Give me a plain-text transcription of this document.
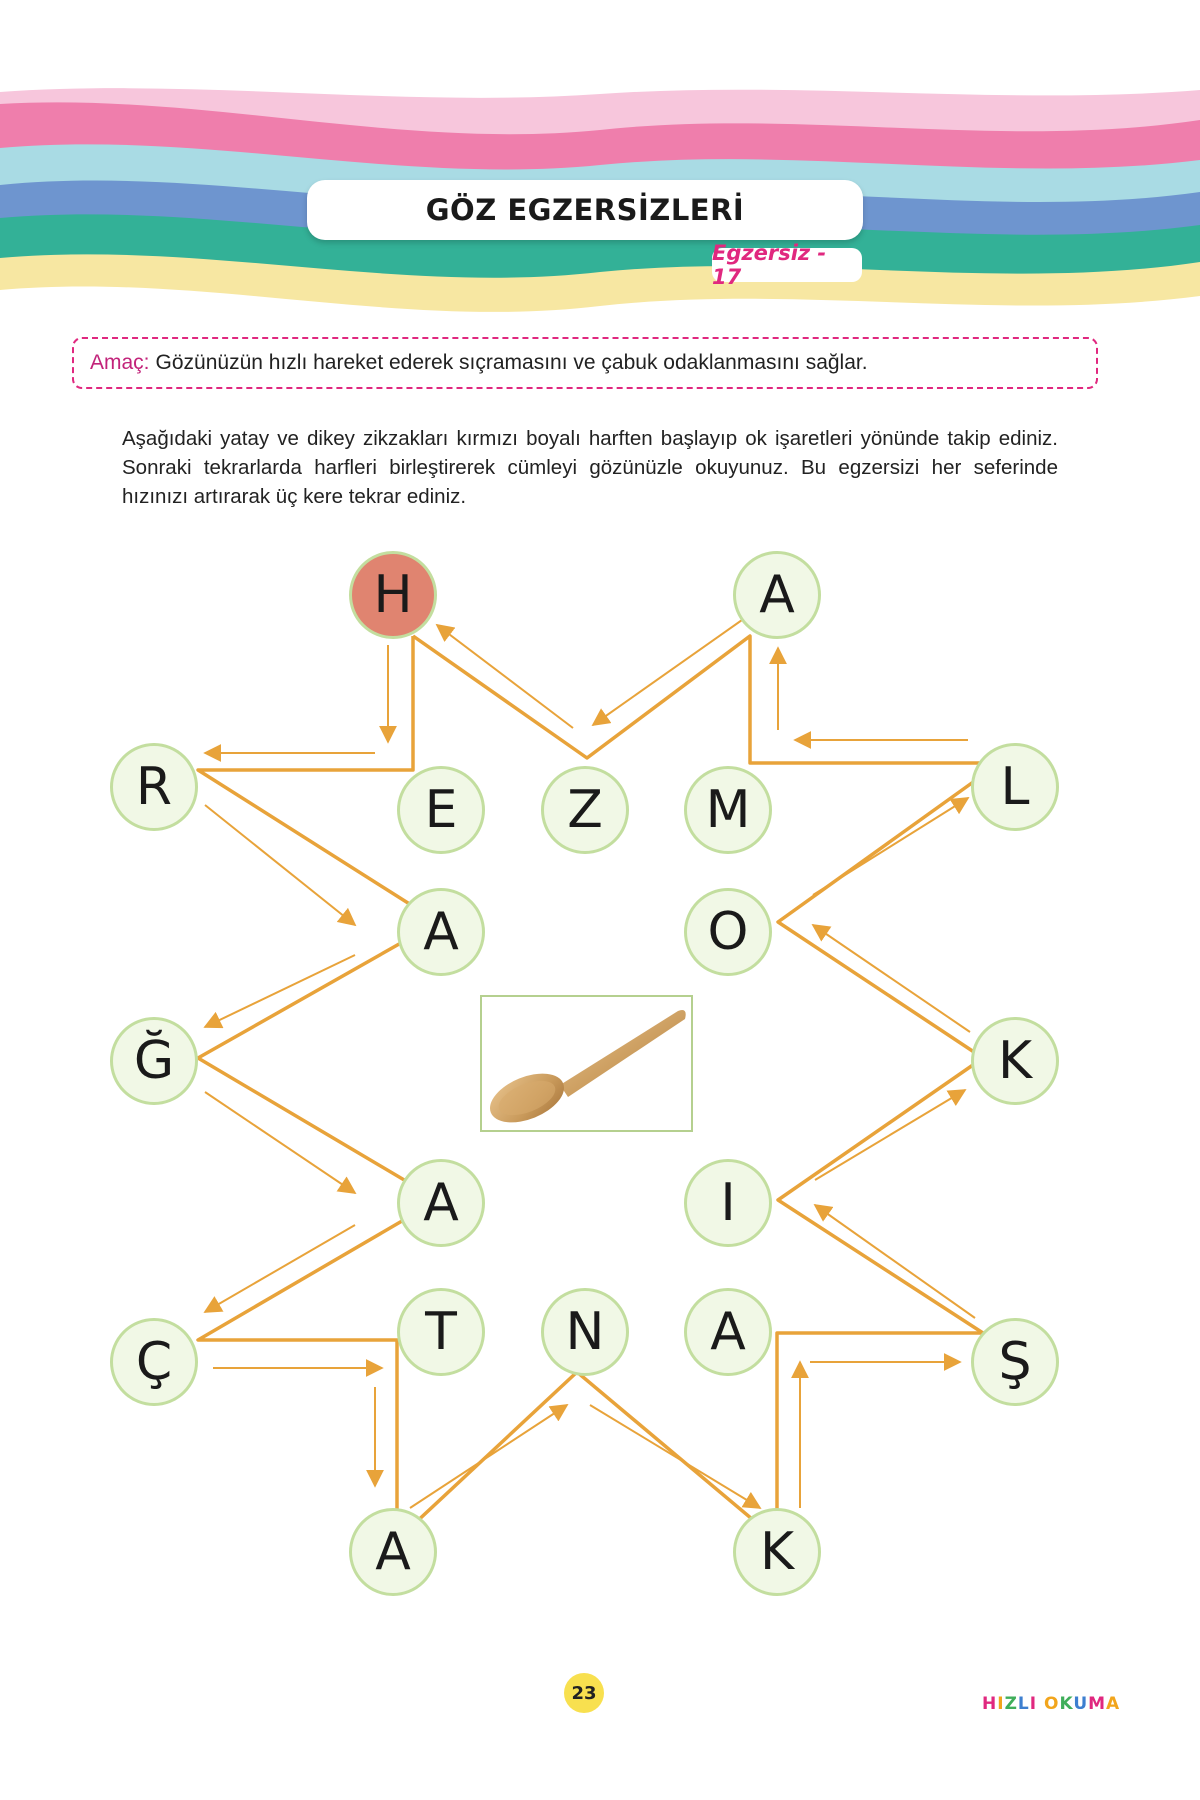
GÖZ EGZERSİZLERİ
Egzersiz - 17
Amaç: Gözünüzün hızlı hareket ederek sıçramasını ve çabuk odaklanmasını sağlar.
Aşağıdaki yatay ve dikey zikzakları kırmızı boyalı harften başlayıp ok işaretleri yönünde takip ediniz. Sonraki tekrarlarda harfleri birleştirerek cümleyi gözünüzle okuyunuz. Bu egzersizi her seferinde hızınızı artırarak üç kere tekrar ediniz.
H	A
R	E	Z	M	L
A	O
Ğ	K
A	I
Ç	T	N	A	Ş
A	K
23
HIZLI OKUMA
